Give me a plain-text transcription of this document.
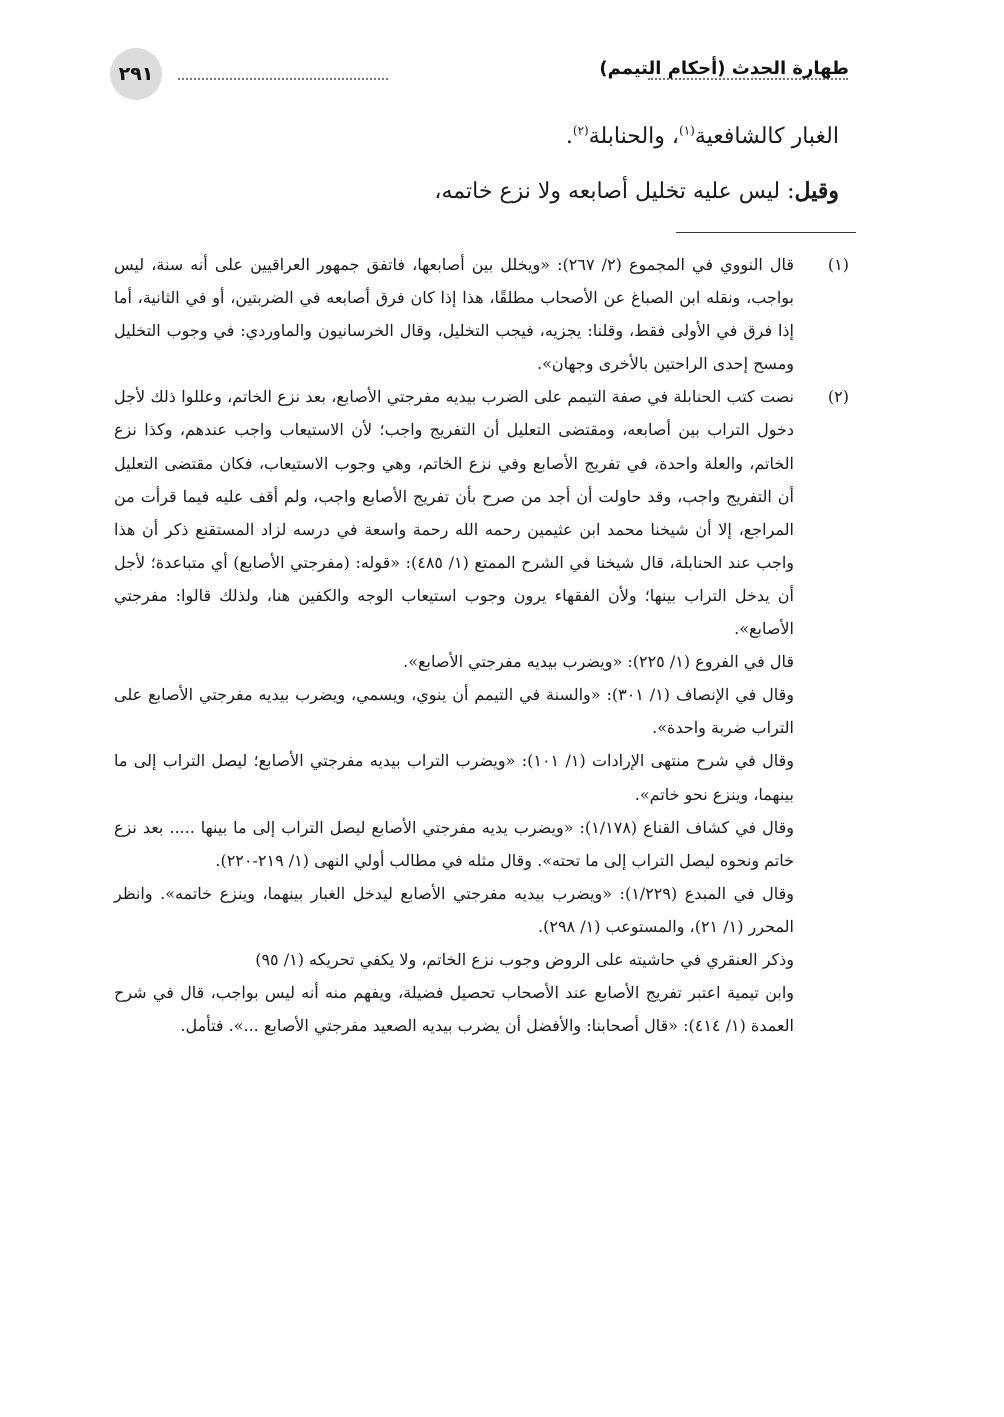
٢٩١	طهارة الحدث (أحكام التيمم)

الغبار كالشافعية$^{(١)}$، والحنابلة$^{(٢)}$.

وقيل: ليس عليه تخليل أصابعه ولا نزع خاتمه،

(١)

قال النووي في المجموع (٢/ ٢٦٧): «ويخلل بين أصابعها، فاتفق جمهور العراقيين على أنه سنة، ليس بواجب، ونقله ابن الصباغ عن الأصحاب مطلقًا، هذا إذا كان فرق أصابعه في الضربتين، أو في الثانية، أما إذا فرق في الأولى فقط، وقلنا: يجزيه، فيجب التخليل، وقال الخرسانيون والماوردي: في وجوب التخليل ومسح إحدى الراحتين بالأخرى وجهان».

(٢)

نصت كتب الحنابلة في صفة التيمم على الضرب بيديه مفرجتي الأصابع، بعد نزع الخاتم، وعللوا ذلك لأجل دخول التراب بين أصابعه، ومقتضى التعليل أن التفريج واجب؛ لأن الاستيعاب واجب عندهم، وكذا نزع الخاتم، والعلة واحدة، في تفريج الأصابع وفي نزع الخاتم، وهي وجوب الاستيعاب، فكان مقتضى التعليل أن التفريج واجب، وقد حاولت أن أجد من صرح بأن تفريج الأصابع واجب، ولم أقف عليه فيما قرأت من المراجع، إلا أن شيخنا محمد ابن عثيمين رحمه الله رحمة واسعة في درسه لزاد المستقنع ذكر أن هذا واجب عند الحنابلة، قال شيخنا في الشرح الممتع (١/ ٤٨٥): «قوله: (مفرجتي الأصابع) أي متباعدة؛ لأجل أن يدخل التراب بينها؛ ولأن الفقهاء يرون وجوب استيعاب الوجه والكفين هنا، ولذلك قالوا: مفرجتي الأصابع».

قال في الفروع (١/ ٢٢٥): «ويضرب بيديه مفرجتي الأصابع».

وقال في الإنصاف (١/ ٣٠١): «والسنة في التيمم أن ينوي، ويسمي، ويضرب بيديه مفرجتي الأصابع على التراب ضربة واحدة».

وقال في شرح منتهى الإرادات (١/ ١٠١): «ويضرب التراب بيديه مفرجتي الأصابع؛ ليصل التراب إلى ما بينهما، وينزع نحو خاتم».

وقال في كشاف القناع (١/١٧٨): «ويضرب يديه مفرجتي الأصابع ليصل التراب إلى ما بينها ..... بعد نزع خاتم ونحوه ليصل التراب إلى ما تحته». وقال مثله في مطالب أولي النهى (١/ ٢١٩-٢٢٠).

وقال في المبدع (١/٢٢٩): «ويضرب بيديه مفرجتي الأصابع ليدخل الغبار بينهما، وينزع خاتمه». وانظر المحرر (١/ ٢١)، والمستوعب (١/ ٢٩٨).

وذكر العنقري في حاشيته على الروض وجوب نزع الخاتم، ولا يكفي تحريكه (١/ ٩٥)

وابن تيمية اعتبر تفريج الأصابع عند الأصحاب تحصيل فضيلة، ويفهم منه أنه ليس بواجب، قال في شرح العمدة (١/ ٤١٤): «قال أصحابنا: والأفضل أن يضرب بيديه الصعيد مفرجتي الأصابع ...». فتأمل.
